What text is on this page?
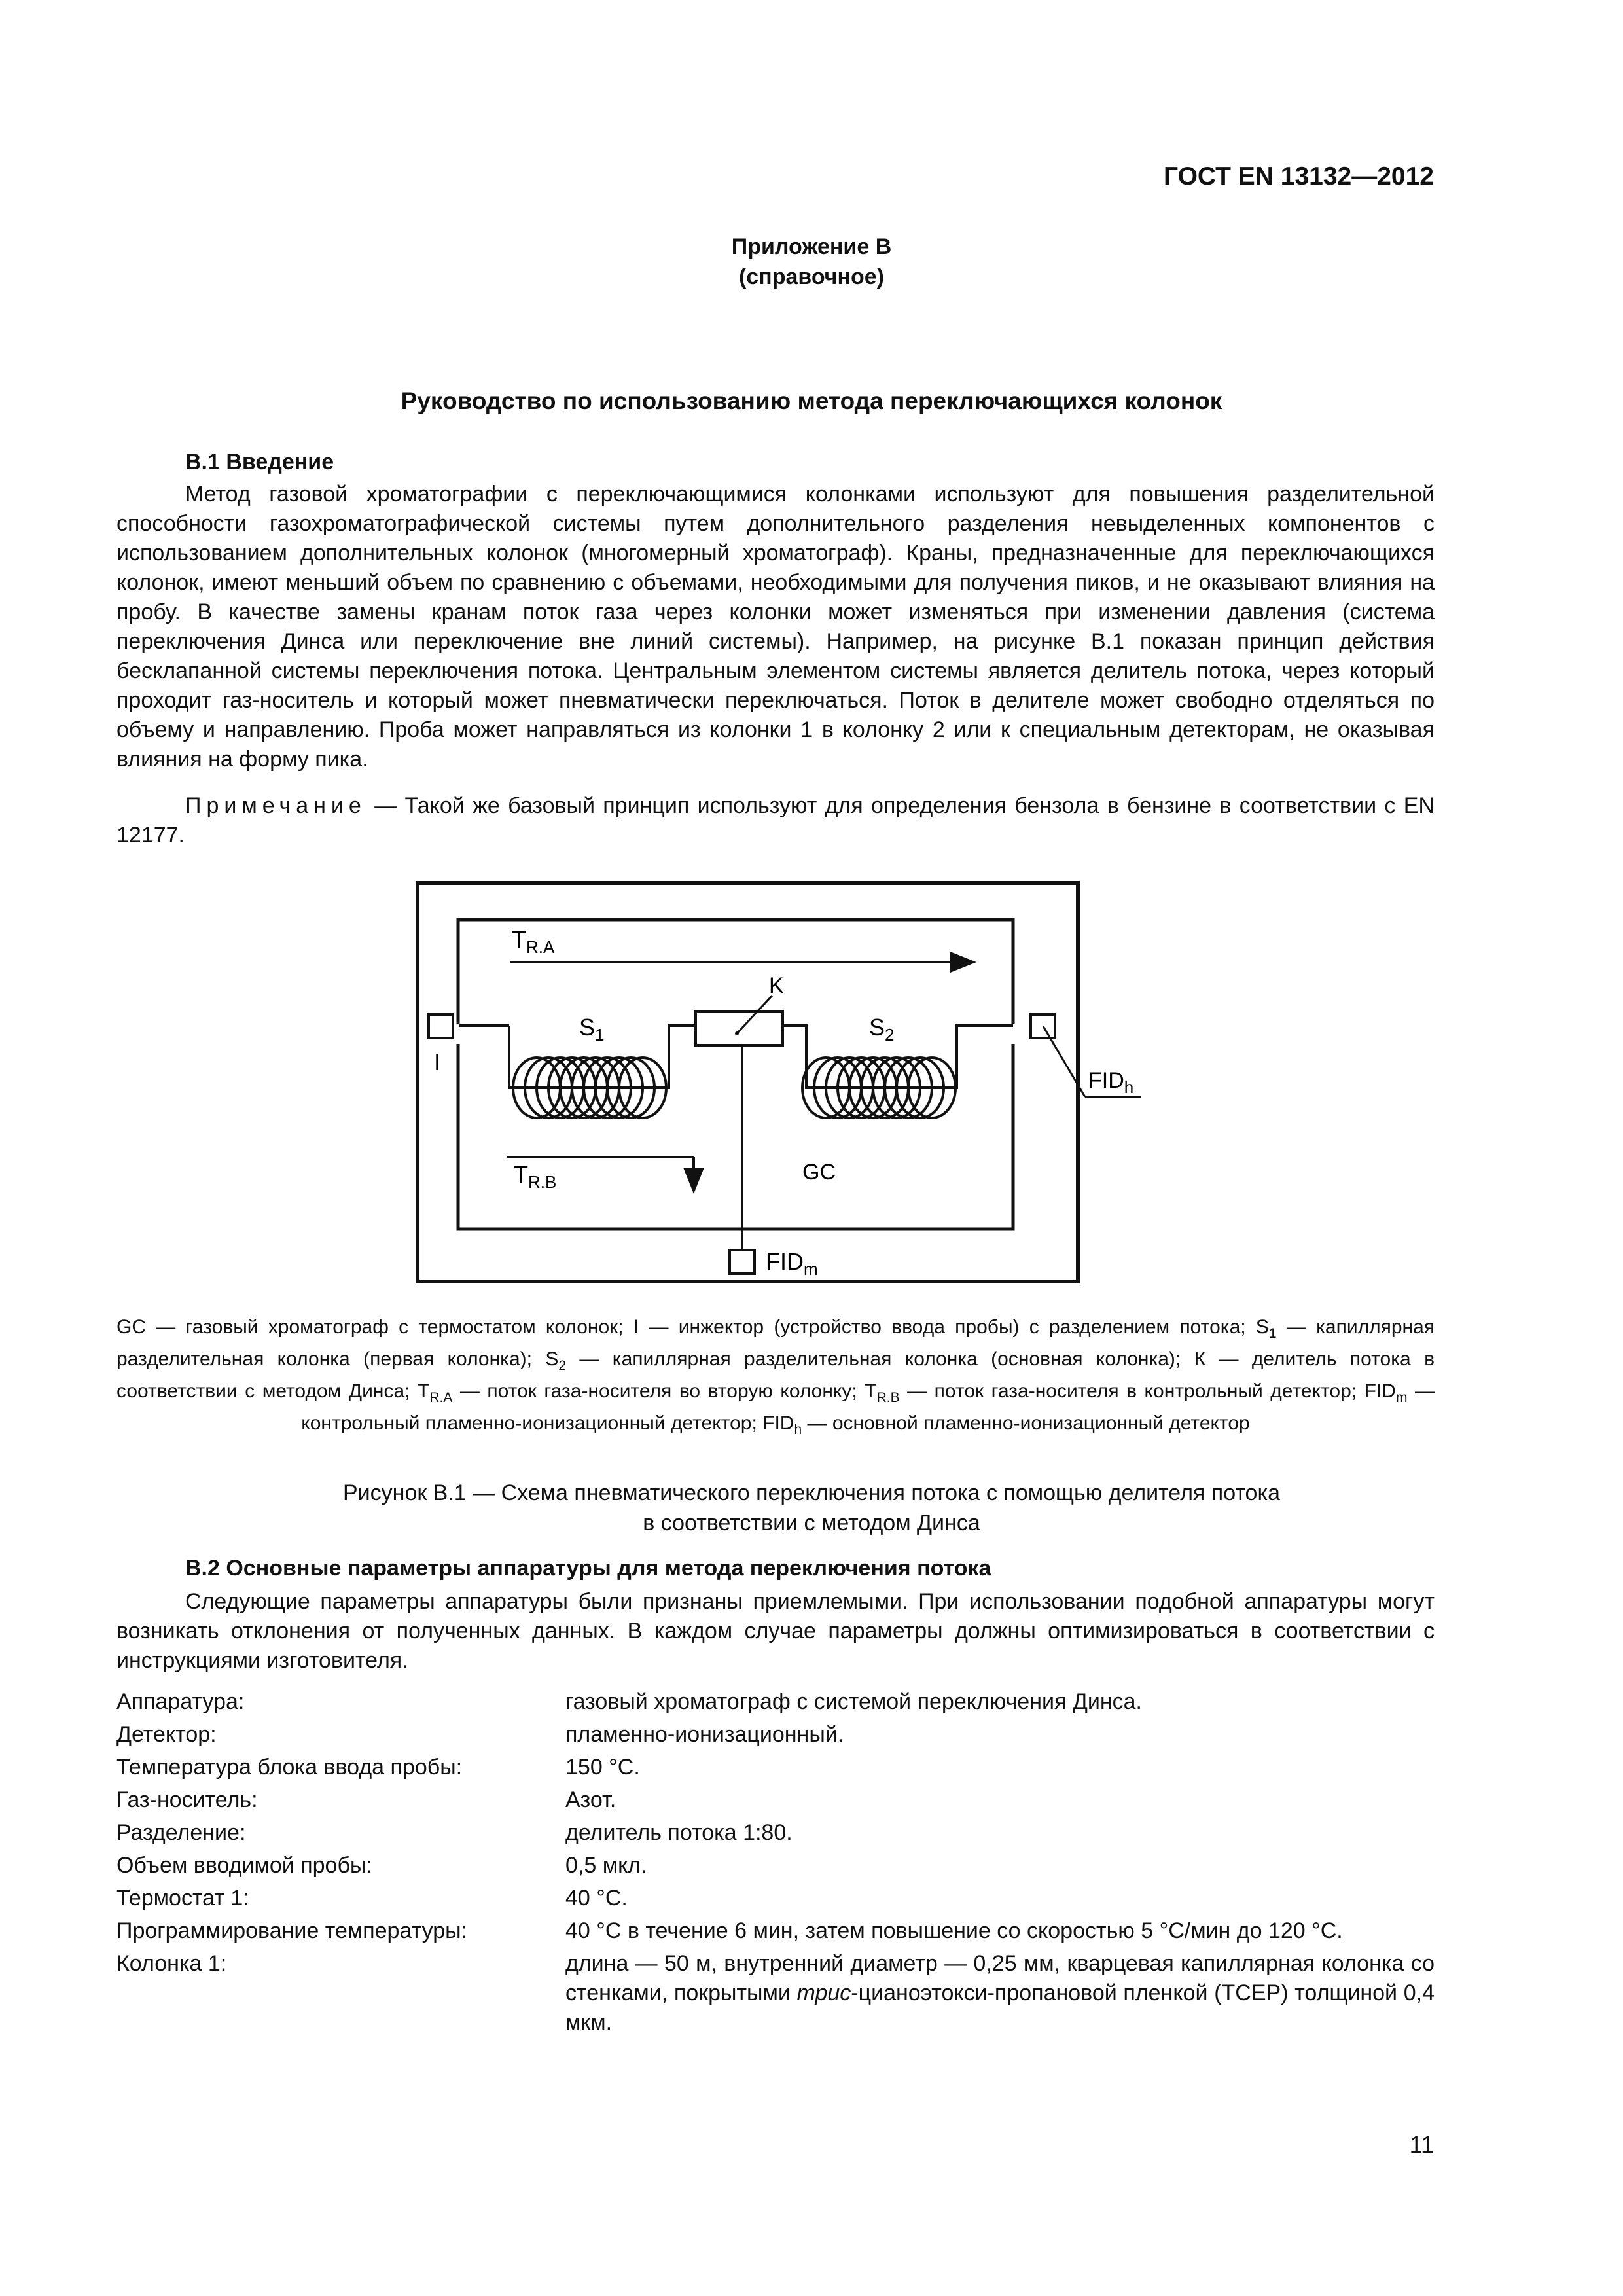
ГОСТ EN 13132—2012
Приложение В
(справочное)
Руководство по использованию метода переключающихся колонок
B.1 Введение
Метод газовой хроматографии с переключающимися колонками используют для повышения разделительной способности газохроматографической системы путем дополнительного разделения невыделенных компонентов с использованием дополнительных колонок (многомерный хроматограф). Краны, предназначенные для переключающихся колонок, имеют меньший объем по сравнению с объемами, необходимыми для получения пиков, и не оказывают влияния на пробу. В качестве замены кранам поток газа через колонки может изменяться при изменении давления (система переключения Динса или переключение вне линий системы). Например, на рисунке В.1 показан принцип действия бесклапанной системы переключения потока. Центральным элементом системы является делитель потока, через который проходит газ-носитель и который может пневматически переключаться. Поток в делителе может свободно отделяться по объему и направлению. Проба может направляться из колонки 1 в колонку 2 или к специальным детекторам, не оказывая влияния на форму пика.
Примечание — Такой же базовый принцип используют для определения бензола в бензине в соответствии с EN 12177.
$T_{R.A}$
$T_{R.B}$
K
$S_1$	$S_2$
I
GC
$FID_h$
$FID_m$
GC — газовый хроматограф с термостатом колонок; I — инжектор (устройство ввода пробы) с разделением потока; $S_1$ — капиллярная разделительная колонка (первая колонка); $S_2$ — капиллярная разделительная колонка (основная колонка); К — делитель потока в соответствии с методом Динса; $T_{R.A}$ — поток газа-носителя во вторую колонку; $T_{R.B}$ — поток газа-носителя в контрольный детектор; $FID_m$ — контрольный пламенно-ионизационный детектор; $FID_h$ — основной пламенно-ионизационный детектор
Рисунок В.1 — Схема пневматического переключения потока с помощью делителя потока
в соответствии с методом Динса
B.2 Основные параметры аппаратуры для метода переключения потока
Следующие параметры аппаратуры были признаны приемлемыми. При использовании подобной аппаратуры могут возникать отклонения от полученных данных. В каждом случае параметры должны оптимизироваться в соответствии с инструкциями изготовителя.
Аппаратура:	газовый хроматограф с системой переключения Динса.
Детектор:	пламенно-ионизационный.
Температура блока ввода пробы:	150 °C.
Газ-носитель:	Азот.
Разделение:	делитель потока 1:80.
Объем вводимой пробы:	0,5 мкл.
Термостат 1:	40 °C.
Программирование температуры:	40 °C в течение 6 мин, затем повышение со скоростью 5 °C/мин до 120 °C.
Колонка 1:	длина — 50 м, внутренний диаметр — 0,25 мм, кварцевая капиллярная колонка со стенками, покрытыми трис-цианоэтокси-пропановой пленкой (TCEP) толщиной 0,4 мкм.
11
